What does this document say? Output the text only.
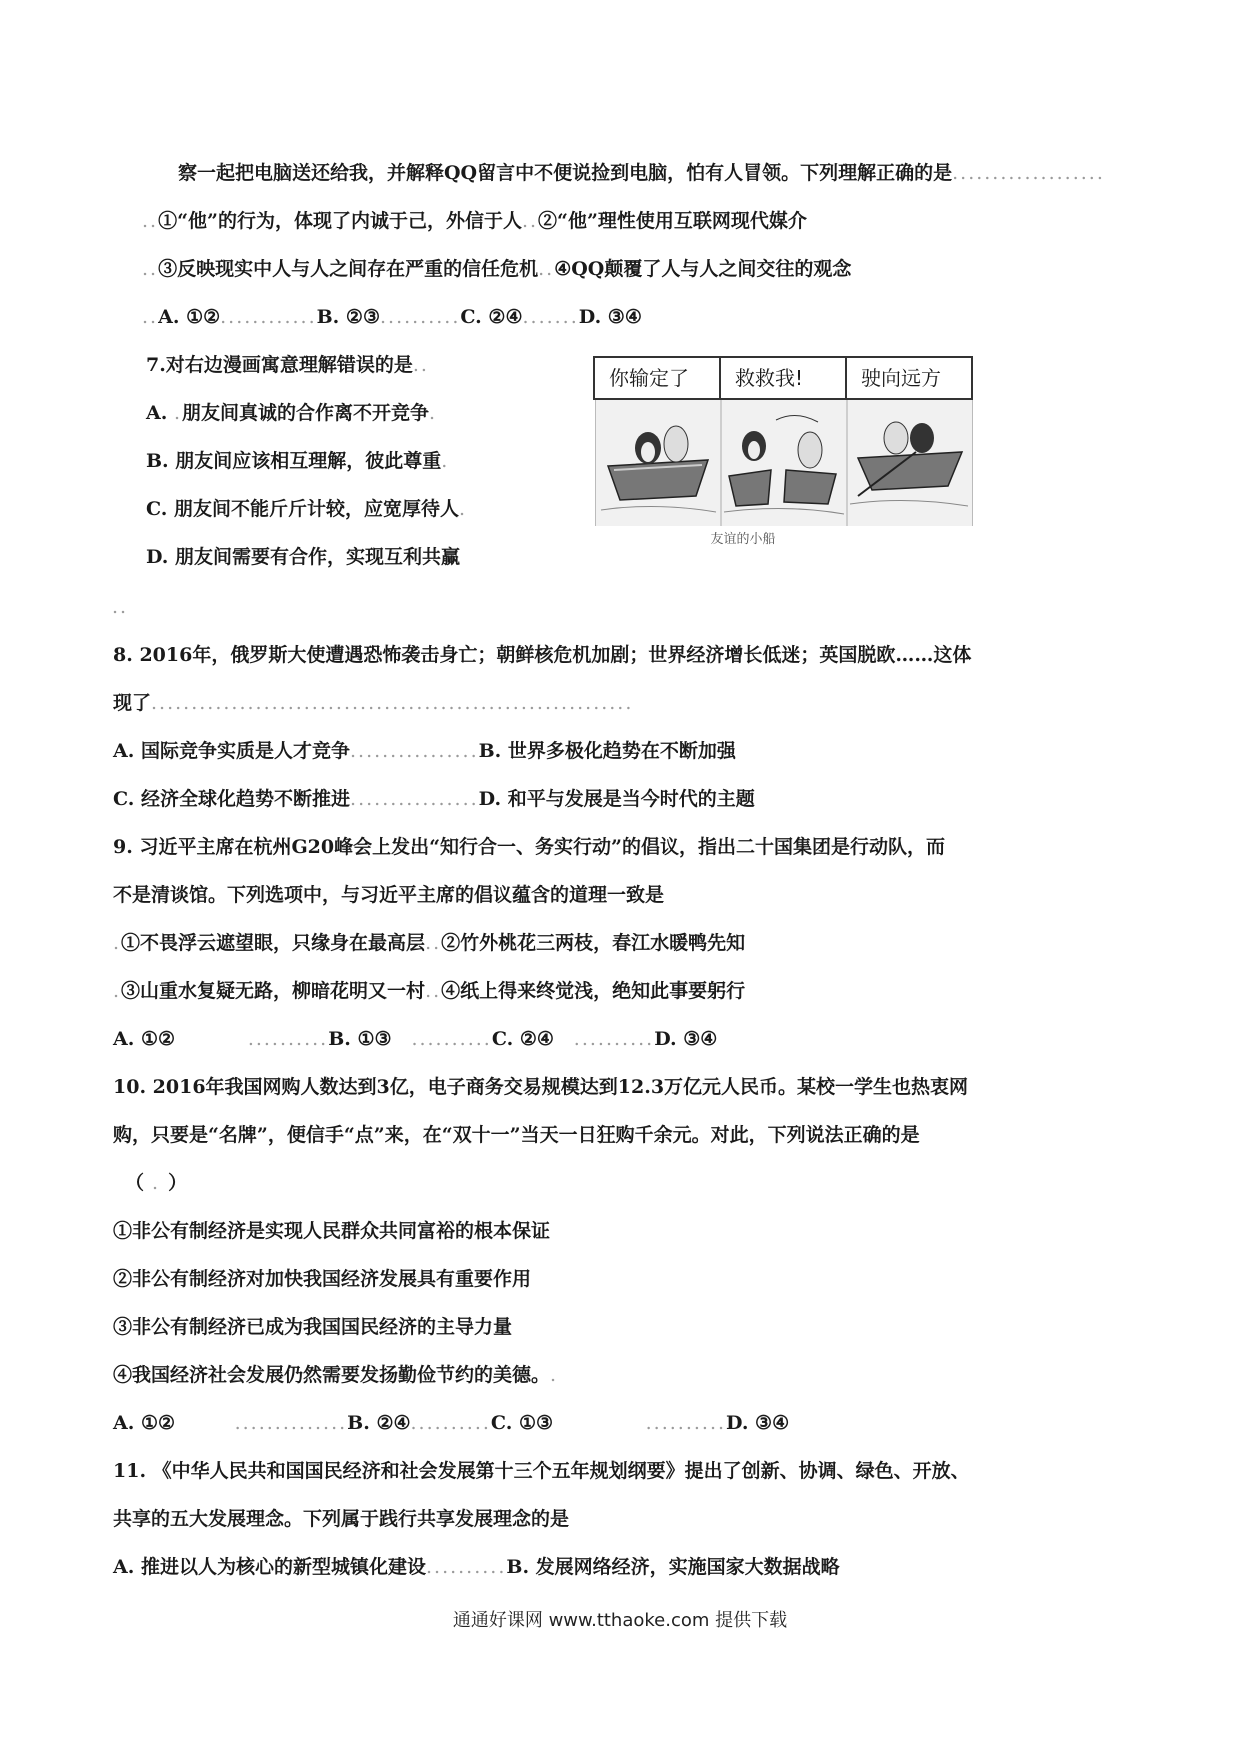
察一起把电脑送还给我，并解释QQ留言中不便说捡到电脑，怕有人冒领。下列理解正确的是...................
..①“他”的行为，体现了内诚于己，外信于人..②“他”理性使用互联网现代媒介
..③反映现实中人与人之间存在严重的信任危机..④QQ颠覆了人与人之间交往的观念
..A. ①②............B. ②③..........C. ②④.......D. ③④
7.对右边漫画寓意理解错误的是..
A. .朋友间真诚的合作离不开竞争.
B. 朋友间应该相互理解，彼此尊重.
C. 朋友间不能斤斤计较，应宽厚待人.
D. 朋友间需要有合作，实现互利共赢
..
8. 2016年，俄罗斯大使遭遇恐怖袭击身亡；朝鲜核危机加剧；世界经济增长低迷；英国脱欧……这体
现了............................................................
A. 国际竞争实质是人才竞争................B. 世界多极化趋势在不断加强
C. 经济全球化趋势不断推进................D. 和平与发展是当今时代的主题
9. 习近平主席在杭州G20峰会上发出“知行合一、务实行动”的倡议，指出二十国集团是行动队，而
不是清谈馆。下列选项中，与习近平主席的倡议蕴含的道理一致是
.①不畏浮云遮望眼，只缘身在最高层..②竹外桃花三两枝，春江水暖鸭先知
.③山重水复疑无路，柳暗花明又一村..④纸上得来终觉浅，绝知此事要躬行
A. ①②	..........B. ①③ ..........C. ②④ ..........D. ③④
10. 2016年我国网购人数达到3亿，电子商务交易规模达到12.3万亿元人民币。某校一学生也热衷网
购，只要是“名牌”，便信手“点”来，在“双十一”当天一日狂购千余元。对此，下列说法正确的是
（ . ）
①非公有制经济是实现人民群众共同富裕的根本保证
②非公有制经济对加快我国经济发展具有重要作用
③非公有制经济已成为我国国民经济的主导力量
④我国经济社会发展仍然需要发扬勤俭节约的美德。.
A. ①②	..............B. ②④..........C. ①③	..........D. ③④
11. 《中华人民共和国国民经济和社会发展第十三个五年规划纲要》提出了创新、协调、绿色、开放、
共享的五大发展理念。下列属于践行共享发展理念的是
A. 推进以人为核心的新型城镇化建设..........B. 发展网络经济，实施国家大数据战略
你输定了	救救我!	驶向远方
友谊的小船
通通好课网 www.tthaoke.com 提供下载
